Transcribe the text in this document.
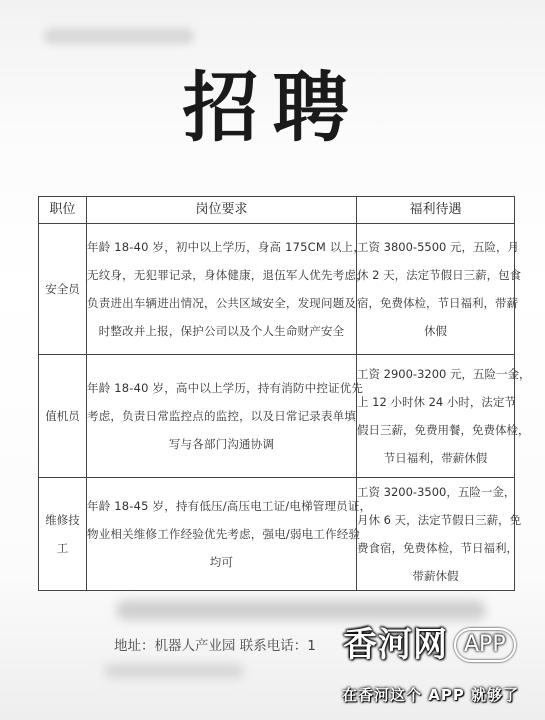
招聘
职位	岗位要求	福利待遇

安全员	年龄 18-40 岁，初中以上学历，身高 175CM 以上，
无纹身，无犯罪记录，身体健康，退伍军人优先考虑，
负责进出车辆进出情况，公共区域安全，发现问题及
时整改并上报，保护公司以及个人生命财产安全	工资 3800-5500 元，五险，月
休 2 天，法定节假日三薪，包食
宿，免费体检，节日福利，带薪
休假

值机员	年龄 18-40 岁，高中以上学历，持有消防中控证优先
考虑，负责日常监控点的监控，以及日常记录表单填
写与各部门沟通协调	工资 2900-3200 元，五险一金，
上 12 小时休 24 小时，法定节
假日三薪，免费用餐，免费体检，
节日福利，带薪休假

维修技
工	年龄 18-45 岁，持有低压/高压电工证/电梯管理员证，
物业相关维修工作经验优先考虑，强电/弱电工作经验
均可	工资 3200-3500，五险一金，
月休 6 天，法定节假日三薪，免
费食宿，免费体检，节日福利，
带薪休假
地址：机器人产业园 联系电话：1 香河网 APP
在香河这个 APP 就够了
